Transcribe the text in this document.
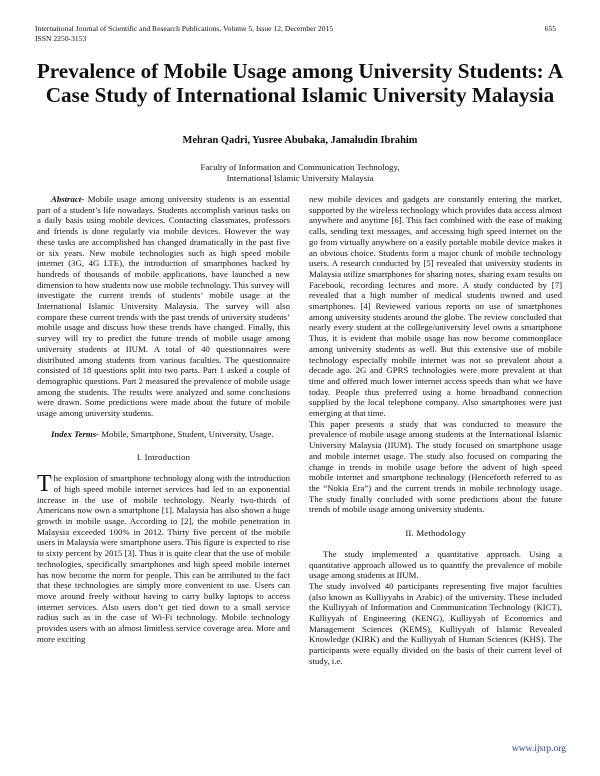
International Journal of Scientific and Research Publications, Volume 5, Issue 12, December 2015
ISSN 2250-3153
655
Prevalence of Mobile Usage among University Students: A Case Study of International Islamic University Malaysia
Mehran Qadri, Yusree Abubaka, Jamaludin Ibrahim
Faculty of Information and Communication Technology,
International Islamic University Malaysia

Abstract- Mobile usage among university students is an essential part of a student’s life nowadays. Students accomplish various tasks on a daily basis using mobile devices. Contacting classmates, professors and friends is done regularly via mobile devices. However the way these tasks are accomplished has changed dramatically in the past five or six years. New mobile technologies such as high speed mobile internet (3G, 4G LTE), the introduction of smartphones backed by hundreds of thousands of mobile applications, have launched a new dimension to how students now use mobile technology. This survey will investigate the current trends of students’ mobile usage at the International Islamic University Malaysia. The survey will also compare these current trends with the past trends of university students’ mobile usage and discuss how these trends have changed. Finally, this survey will try to predict the future trends of mobile usage among university students at IIUM. A total of 40 questionnaires were distributed among students from various faculties. The questionnaire consisted of 18 questions split into two parts. Part 1 asked a couple of demographic questions. Part 2 measured the prevalence of mobile usage among the students. The results were analyzed and some conclusions were drawn. Some predictions were made about the future of mobile usage among university students.

Index Terms- Mobile, Smartphone, Student, University, Usage.

I. Introduction

The explosion of smartphone technology along with the introduction of high speed mobile internet services had led to an exponential increase in the use of mobile technology. Nearly two-thirds of Americans now own a smartphone [1]. Malaysia has also shown a huge growth in mobile usage. According to [2], the mobile penetration in Malaysia exceeded 100% in 2012. Thirty five percent of the mobile users in Malaysia were smartphone users. This figure is expected to rise to sixty percent by 2015 [3]. Thus it is quite clear that the use of mobile technologies, specifically smartphones and high speed mobile internet has now become the norm for people. This can be attributed to the fact that these technologies are simply more convenient to use. Users can move around freely without having to carry bulky laptops to access internet services. Also users don’t get tied down to a small service radius such as in the case of Wi-Fi technology. Mobile technology provides users with an almost limitless service coverage area. More and more exciting

new mobile devices and gadgets are constantly entering the market, supported by the wireless technology which provides data access almost anywhere and anytime [6]. This fact combined with the ease of making calls, sending text messages, and accessing high speed internet on the go from virtually anywhere on a easily portable mobile device makes it an obvious choice. Students form a major chunk of mobile technology users. A research conducted by [5] revealed that university students in Malaysia utilize smartphones for sharing notes, sharing exam results on Facebook, recording lectures and more. A study conducted by [7] revealed that a high number of medical students owned and used smartphones. [4] Reviewed various reports on use of smartphones among university students around the globe. The review concluded that nearly every student at the college/university level owns a smartphone Thus, it is evident that mobile usage has now become commonplace among university students as well. But this extensive use of mobile technology especially mobile internet was not so prevalent about a decade ago. 2G and GPRS technologies were more prevalent at that time and offered much lower internet access speeds than what we have today. People thus preferred using a home broadband connection supplied by the local telephone company. Also smartphones were just emerging at that time.

This paper presents a study that was conducted to measure the prevalence of mobile usage among students at the International Islamic University Malaysia (IIUM). The study focused on smartphone usage and mobile internet usage. The study also focused on comparing the change in trends in mobile usage before the advent of high speed mobile internet and smartphone technology (Henceforth referred to as the “Nokia Era”) and the current trends in mobile technology usage. The study finally concluded with some predictions about the future trends of mobile usage among university students.

II. Methodology

The study implemented a quantitative approach. Using a quantitative approach allowed us to quantify the prevalence of mobile usage among students at IIUM.

The study involved 40 participants representing five major faculties (also known as Kulliyyahs in Arabic) of the university. These included the Kulliyyah of Information and Communication Technology (KICT), Kulliyyah of Engineering (KENG), Kulliyyah of Economics and Management Sciences (KEMS), Kulliyyah of Islamic Revealed Knowledge (KIRK) and the Kulliyyah of Human Sciences (KHS). The participants were equally divided on the basis of their current level of study, i.e.

www.ijsrp.org
